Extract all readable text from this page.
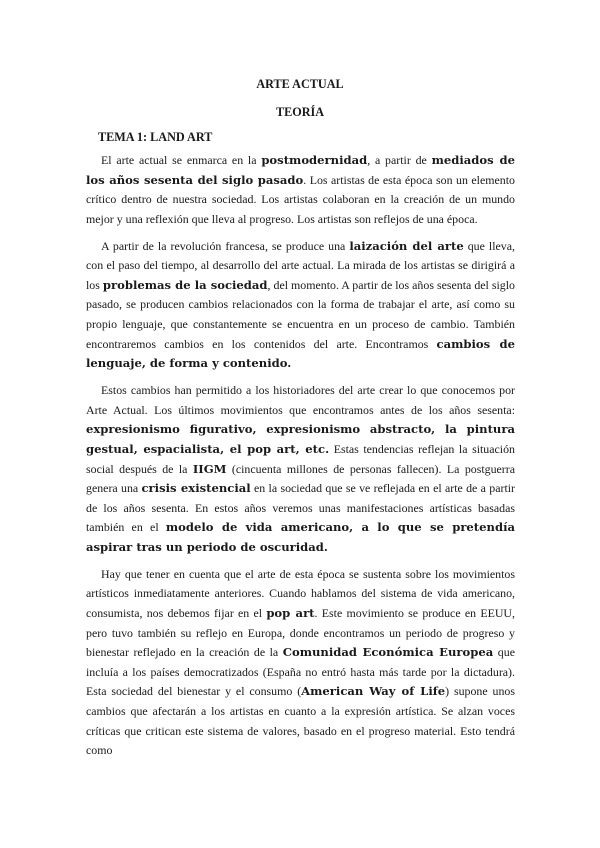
ARTE ACTUAL
TEORÍA
TEMA 1: LAND ART

El arte actual se enmarca en la postmodernidad, a partir de mediados de los años sesenta del siglo pasado. Los artistas de esta época son un elemento crítico dentro de nuestra sociedad. Los artistas colaboran en la creación de un mundo mejor y una reflexión que lleva al progreso. Los artistas son reflejos de una época.

A partir de la revolución francesa, se produce una laización del arte que lleva, con el paso del tiempo, al desarrollo del arte actual. La mirada de los artistas se dirigirá a los problemas de la sociedad, del momento. A partir de los años sesenta del siglo pasado, se producen cambios relacionados con la forma de trabajar el arte, así como su propio lenguaje, que constantemente se encuentra en un proceso de cambio. También encontraremos cambios en los contenidos del arte. Encontramos cambios de lenguaje, de forma y contenido.

Estos cambios han permitido a los historiadores del arte crear lo que conocemos por Arte Actual. Los últimos movimientos que encontramos antes de los años sesenta: expresionismo figurativo, expresionismo abstracto, la pintura gestual, espacialista, el pop art, etc. Estas tendencias reflejan la situación social después de la IIGM (cincuenta millones de personas fallecen). La postguerra genera una crisis existencial en la sociedad que se ve reflejada en el arte de a partir de los años sesenta. En estos años veremos unas manifestaciones artísticas basadas también en el modelo de vida americano, a lo que se pretendía aspirar tras un periodo de oscuridad.

Hay que tener en cuenta que el arte de esta época se sustenta sobre los movimientos artísticos inmediatamente anteriores. Cuando hablamos del sistema de vida americano, consumista, nos debemos fijar en el pop art. Este movimiento se produce en EEUU, pero tuvo también su reflejo en Europa, donde encontramos un periodo de progreso y bienestar reflejado en la creación de la Comunidad Económica Europea que incluía a los países democratizados (España no entró hasta más tarde por la dictadura). Esta sociedad del bienestar y el consumo (American Way of Life) supone unos cambios que afectarán a los artistas en cuanto a la expresión artística. Se alzan voces críticas que critican este sistema de valores, basado en el progreso material. Esto tendrá como
